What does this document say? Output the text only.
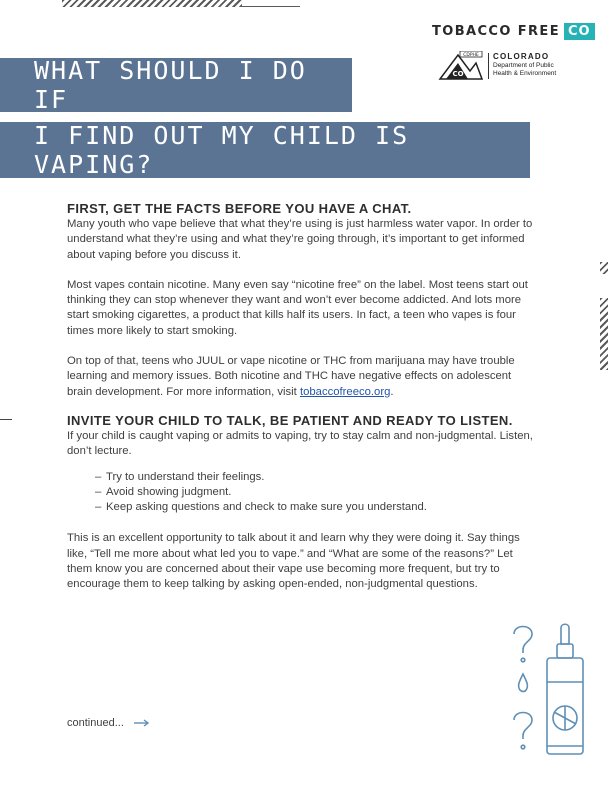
TOBACCO FREE CO
CDPHE
CO
COLORADO
Department of Public
Health & Environment
WHAT SHOULD I DO IF
I FIND OUT MY CHILD IS VAPING?
FIRST, GET THE FACTS BEFORE YOU HAVE A CHAT.

Many youth who vape believe that what they’re using is just harmless water vapor. In order to understand what they’re using and what they’re going through, it’s important to get informed about vaping before you discuss it.

Most vapes contain nicotine. Many even say “nicotine free” on the label. Most teens start out thinking they can stop whenever they want and won’t ever become addicted. And lots more start smoking cigarettes, a product that kills half its users. In fact, a teen who vapes is four times more likely to start smoking.

On top of that, teens who JUUL or vape nicotine or THC from marijuana may have trouble learning and memory issues. Both nicotine and THC have negative effects on adolescent brain development. For more information, visit tobaccofreeco.org.

INVITE YOUR CHILD TO TALK, BE PATIENT AND READY TO LISTEN.

If your child is caught vaping or admits to vaping, try to stay calm and non-judgmental. Listen, don’t lecture.

– Try to understand their feelings.
– Avoid showing judgment.
– Keep asking questions and check to make sure you understand.

This is an excellent opportunity to talk about it and learn why they were doing it. Say things like, “Tell me more about what led you to vape.” and “What are some of the reasons?” Let them know you are concerned about their vape use becoming more frequent, but try to encourage them to keep talking by asking open-ended, non-judgmental questions.

continued...
